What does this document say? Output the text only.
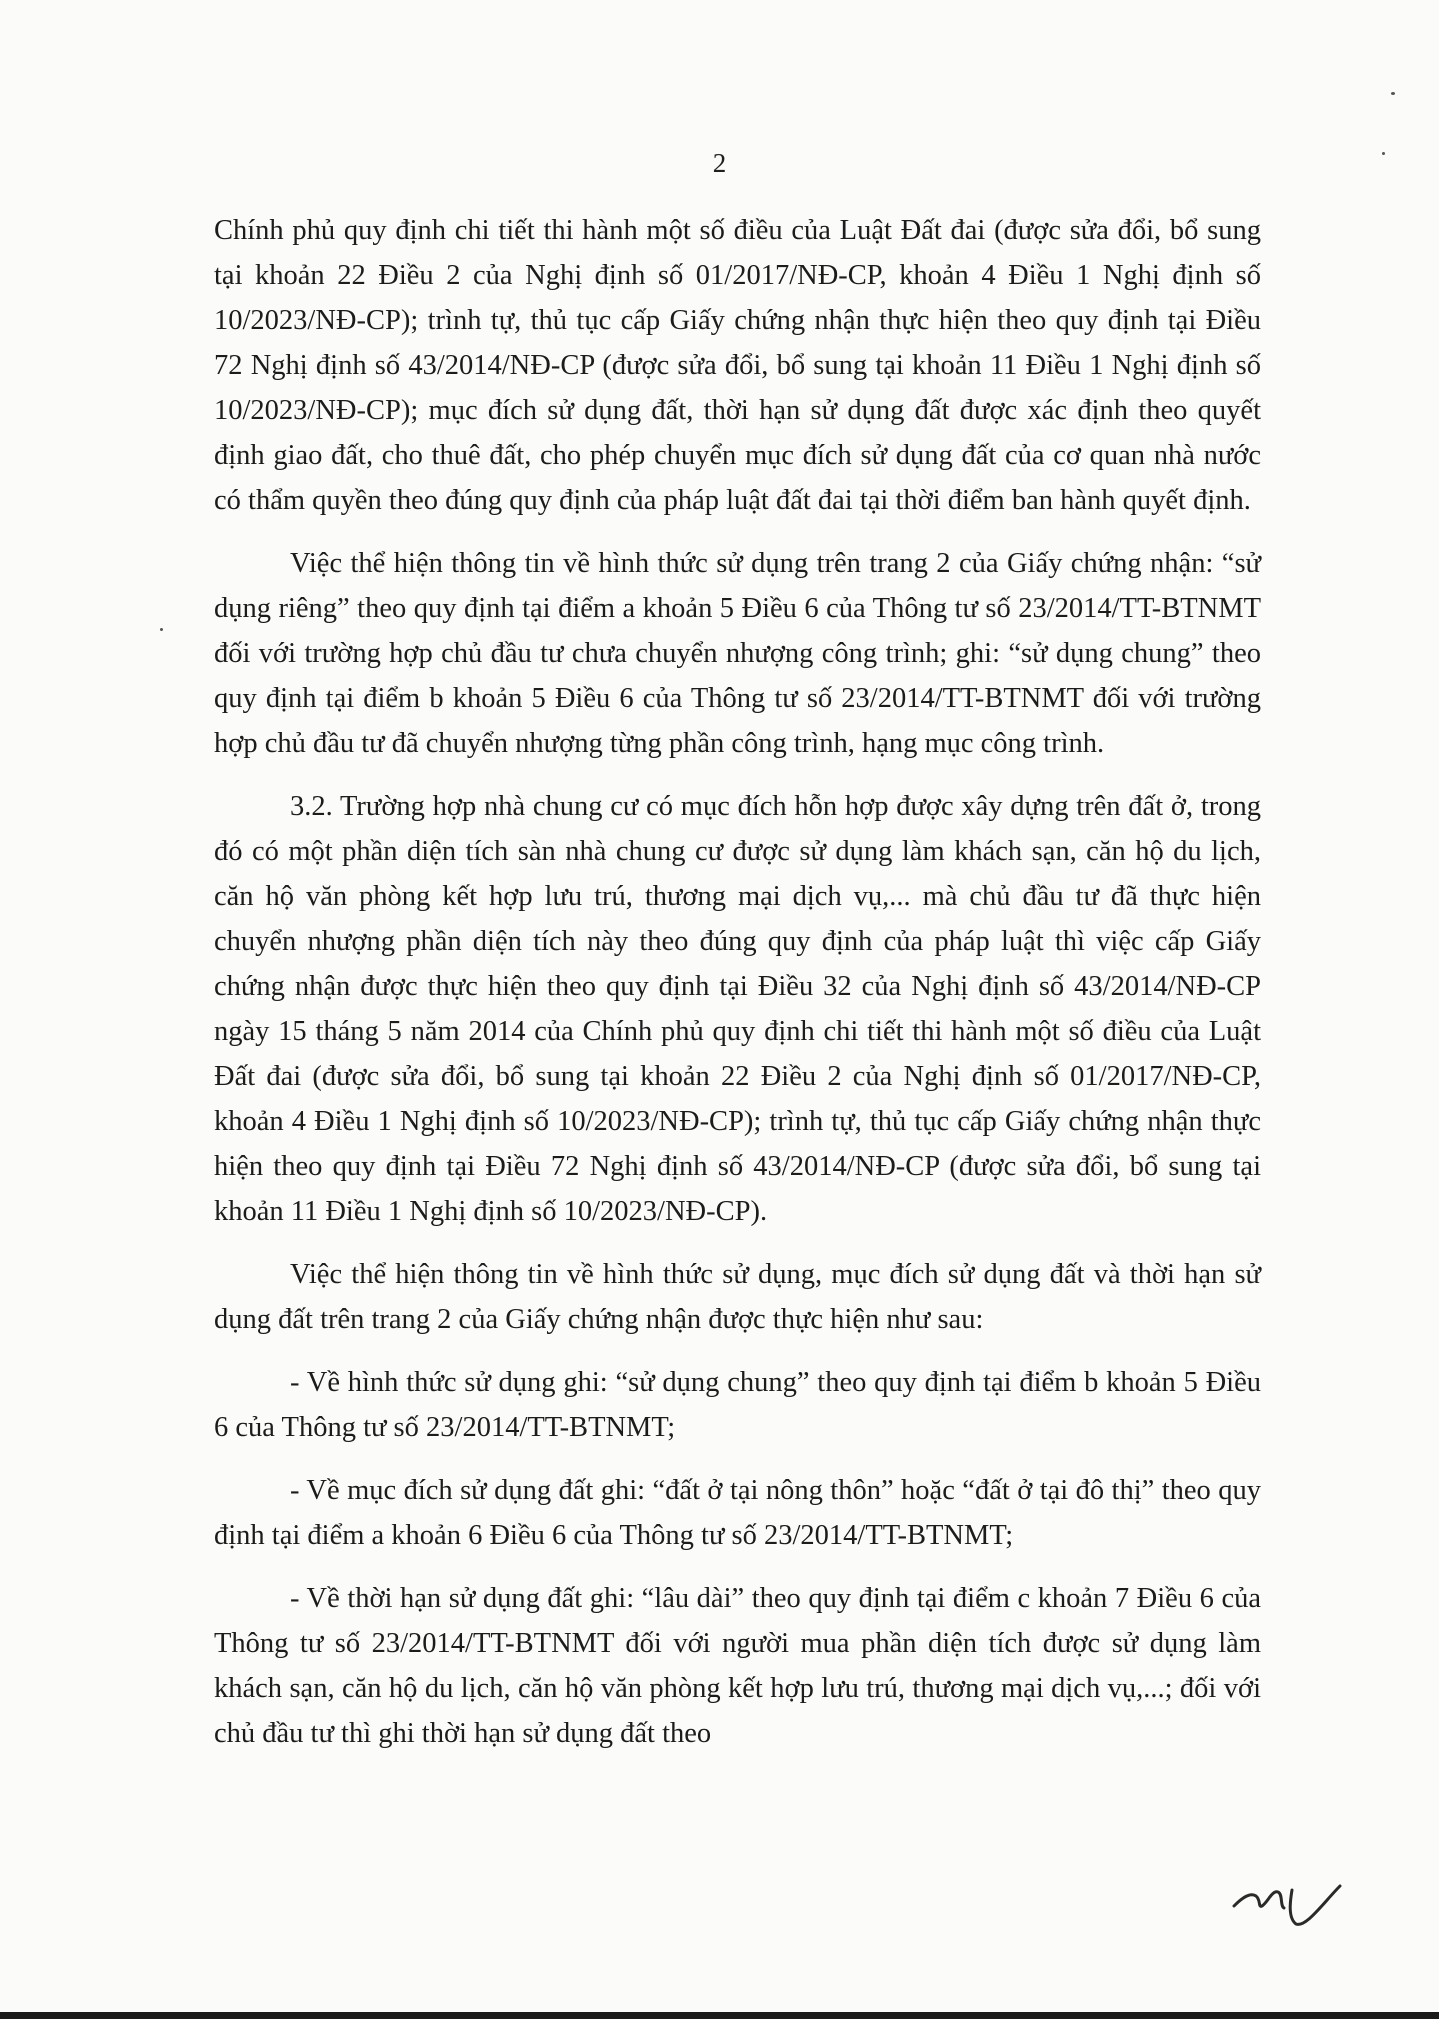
2

Chính phủ quy định chi tiết thi hành một số điều của Luật Đất đai (được sửa đổi, bổ sung tại khoản 22 Điều 2 của Nghị định số 01/2017/NĐ-CP, khoản 4 Điều 1 Nghị định số 10/2023/NĐ-CP); trình tự, thủ tục cấp Giấy chứng nhận thực hiện theo quy định tại Điều 72 Nghị định số 43/2014/NĐ-CP (được sửa đổi, bổ sung tại khoản 11 Điều 1 Nghị định số 10/2023/NĐ-CP); mục đích sử dụng đất, thời hạn sử dụng đất được xác định theo quyết định giao đất, cho thuê đất, cho phép chuyển mục đích sử dụng đất của cơ quan nhà nước có thẩm quyền theo đúng quy định của pháp luật đất đai tại thời điểm ban hành quyết định.

Việc thể hiện thông tin về hình thức sử dụng trên trang 2 của Giấy chứng nhận: “sử dụng riêng” theo quy định tại điểm a khoản 5 Điều 6 của Thông tư số 23/2014/TT-BTNMT đối với trường hợp chủ đầu tư chưa chuyển nhượng công trình; ghi: “sử dụng chung” theo quy định tại điểm b khoản 5 Điều 6 của Thông tư số 23/2014/TT-BTNMT đối với trường hợp chủ đầu tư đã chuyển nhượng từng phần công trình, hạng mục công trình.

3.2. Trường hợp nhà chung cư có mục đích hỗn hợp được xây dựng trên đất ở, trong đó có một phần diện tích sàn nhà chung cư được sử dụng làm khách sạn, căn hộ du lịch, căn hộ văn phòng kết hợp lưu trú, thương mại dịch vụ,... mà chủ đầu tư đã thực hiện chuyển nhượng phần diện tích này theo đúng quy định của pháp luật thì việc cấp Giấy chứng nhận được thực hiện theo quy định tại Điều 32 của Nghị định số 43/2014/NĐ-CP ngày 15 tháng 5 năm 2014 của Chính phủ quy định chi tiết thi hành một số điều của Luật Đất đai (được sửa đổi, bổ sung tại khoản 22 Điều 2 của Nghị định số 01/2017/NĐ-CP, khoản 4 Điều 1 Nghị định số 10/2023/NĐ-CP); trình tự, thủ tục cấp Giấy chứng nhận thực hiện theo quy định tại Điều 72 Nghị định số 43/2014/NĐ-CP (được sửa đổi, bổ sung tại khoản 11 Điều 1 Nghị định số 10/2023/NĐ-CP).

Việc thể hiện thông tin về hình thức sử dụng, mục đích sử dụng đất và thời hạn sử dụng đất trên trang 2 của Giấy chứng nhận được thực hiện như sau:

- Về hình thức sử dụng ghi: “sử dụng chung” theo quy định tại điểm b khoản 5 Điều 6 của Thông tư số 23/2014/TT-BTNMT;

- Về mục đích sử dụng đất ghi: “đất ở tại nông thôn” hoặc “đất ở tại đô thị” theo quy định tại điểm a khoản 6 Điều 6 của Thông tư số 23/2014/TT-BTNMT;

- Về thời hạn sử dụng đất ghi: “lâu dài” theo quy định tại điểm c khoản 7 Điều 6 của Thông tư số 23/2014/TT-BTNMT đối với người mua phần diện tích được sử dụng làm khách sạn, căn hộ du lịch, căn hộ văn phòng kết hợp lưu trú, thương mại dịch vụ,...; đối với chủ đầu tư thì ghi thời hạn sử dụng đất theo
